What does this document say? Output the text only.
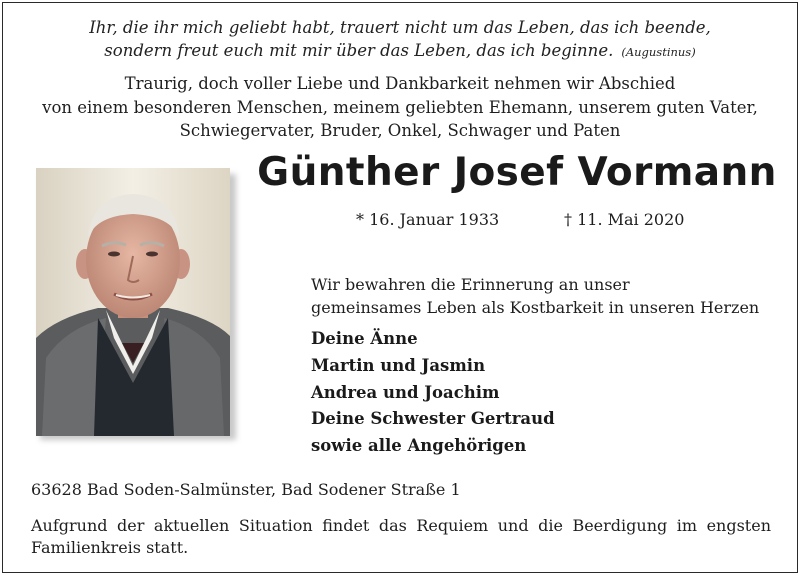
Ihr, die ihr mich geliebt habt, trauert nicht um das Leben, das ich beende,
sondern freut euch mit mir über das Leben, das ich beginne. (Augustinus)
Traurig, doch voller Liebe und Dankbarkeit nehmen wir Abschied
von einem besonderen Menschen, meinem geliebten Ehemann, unserem guten Vater,
Schwiegervater, Bruder, Onkel, Schwager und Paten
Günther Josef Vormann
* 16. Januar 1933	† 11. Mai 2020
Wir bewahren die Erinnerung an unser
gemeinsames Leben als Kostbarkeit in unseren Herzen
Deine Änne
Martin und Jasmin
Andrea und Joachim
Deine Schwester Gertraud
sowie alle Angehörigen
63628 Bad Soden-Salmünster, Bad Sodener Straße 1
Aufgrund der aktuellen Situation findet das Requiem und die Beerdigung im engsten Familienkreis statt.
